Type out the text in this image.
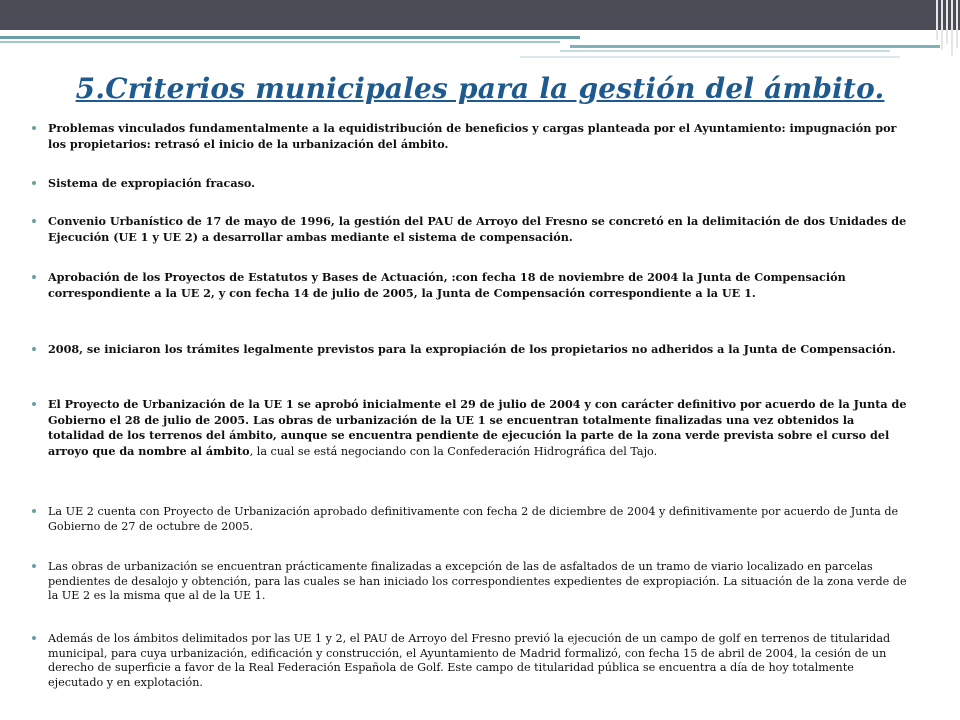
5.Criterios municipales para la gestión del ámbito.
Problemas vinculados fundamentalmente a la equidistribución de beneficios y cargas planteada por el Ayuntamiento: impugnación por los propietarios: retrasó el inicio de la urbanización del ámbito.
Sistema de expropiación fracaso.
Convenio Urbanístico de 17 de mayo de 1996, la gestión del PAU de Arroyo del Fresno se concretó en la delimitación de dos Unidades de Ejecución (UE 1 y UE 2) a desarrollar ambas mediante el sistema de compensación.
Aprobación de los Proyectos de Estatutos y Bases de Actuación, :con fecha 18 de noviembre de 2004 la Junta de Compensación correspondiente a la UE 2, y con fecha 14 de julio de 2005, la Junta de Compensación correspondiente a la UE 1.
2008, se iniciaron los trámites legalmente previstos para la expropiación de los propietarios no adheridos a la Junta de Compensación.
El Proyecto de Urbanización de la UE 1 se aprobó inicialmente el 29 de julio de 2004 y con carácter definitivo por acuerdo de la Junta de Gobierno el 28 de julio de 2005. Las obras de urbanización de la UE 1 se encuentran totalmente finalizadas una vez obtenidos la totalidad de los terrenos del ámbito, aunque se encuentra pendiente de ejecución la parte de la zona verde prevista sobre el curso del arroyo que da nombre al ámbito, la cual se está negociando con la Confederación Hidrográfica del Tajo.
La UE 2 cuenta con Proyecto de Urbanización aprobado definitivamente con fecha 2 de diciembre de 2004 y definitivamente por acuerdo de Junta de Gobierno de 27 de octubre de 2005.
Las obras de urbanización se encuentran prácticamente finalizadas a excepción de las de asfaltados de un tramo de viario localizado en parcelas pendientes de desalojo y obtención, para las cuales se han iniciado los correspondientes expedientes de expropiación. La situación de la zona verde de la UE 2 es la misma que al de la UE 1.
Además de los ámbitos delimitados por las UE 1 y 2, el PAU de Arroyo del Fresno previó la ejecución de un campo de golf en terrenos de titularidad municipal, para cuya urbanización, edificación y construcción, el Ayuntamiento de Madrid formalizó, con fecha 15 de abril de 2004, la cesión de un derecho de superficie a favor de la Real Federación Española de Golf. Este campo de titularidad pública se encuentra a día de hoy totalmente ejecutado y en explotación.
